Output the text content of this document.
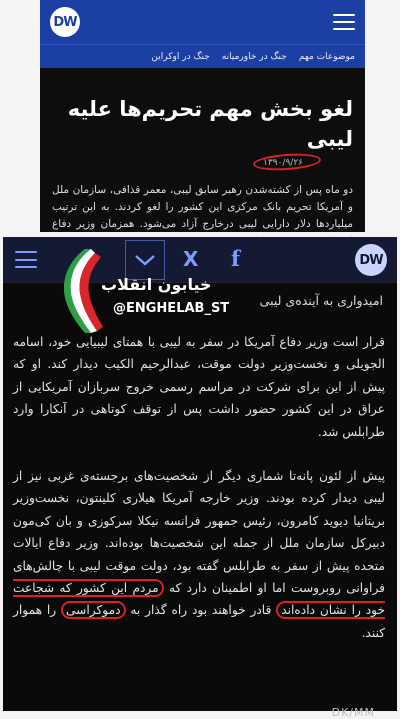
DW
موضوعات مهم
جنگ در خاورمیانه
جنگ در اوکراین
لغو بخش مهم تحریم‌ها علیه لیبی
۱۳۹۰/۹/۲۶
دو ماه پس از کشته‌شدن رهبر سابق لیبی، معمر قذافی، سازمان ملل و آمریکا تحریم بانک مرکزی این کشور را لغو کردند. به این ترتیب میلیاردها دلار دارایی لیبی درخارج آزاد می‌شود. همزمان وزیر دفاع
X f	DW
خیابون انقلاب
@ENGHELAB_ST
امیدواری به آینده‌ی لیبی

قرار است وزیر دفاع آمریکا در سفر به لیبی با همتای لیبیایی خود، اسامه الجویلی و نخست‌وزیر دولت موقت، عبدالرحیم الکیب دیدار کند. او که پیش از این برای شرکت در مراسم رسمی خروج سربازان آمریکایی از عراق در این کشور حضور داشت پس از توقف کوتاهی در آنکارا وارد طرابلس شد.

پیش از لئون پانه‌تا شماری دیگر از شخصیت‌های برجسته‌ی غربی نیز از لیبی دیدار کرده بودند. وزیر خارجه آمریکا هیلاری کلینتون، نخست‌وزیر بریتانیا دیوید کامرون، رئیس جمهور فرانسه نیکلا سرکوزی و بان کی‌مون دبیرکل سازمان ملل از جمله این شخصیت‌ها بوده‌اند. وزیر دفاع ایالات متحده پیش از سفر به طرابلس گفته بود، دولت موقت لیبی با چالش‌های فراوانی روبروست اما او اطمینان دارد که مردم این کشور که شجاعت خود را نشان داده‌اند قادر خواهند بود راه گذار به دموکراسی را هموار کنند.

DK/MM
